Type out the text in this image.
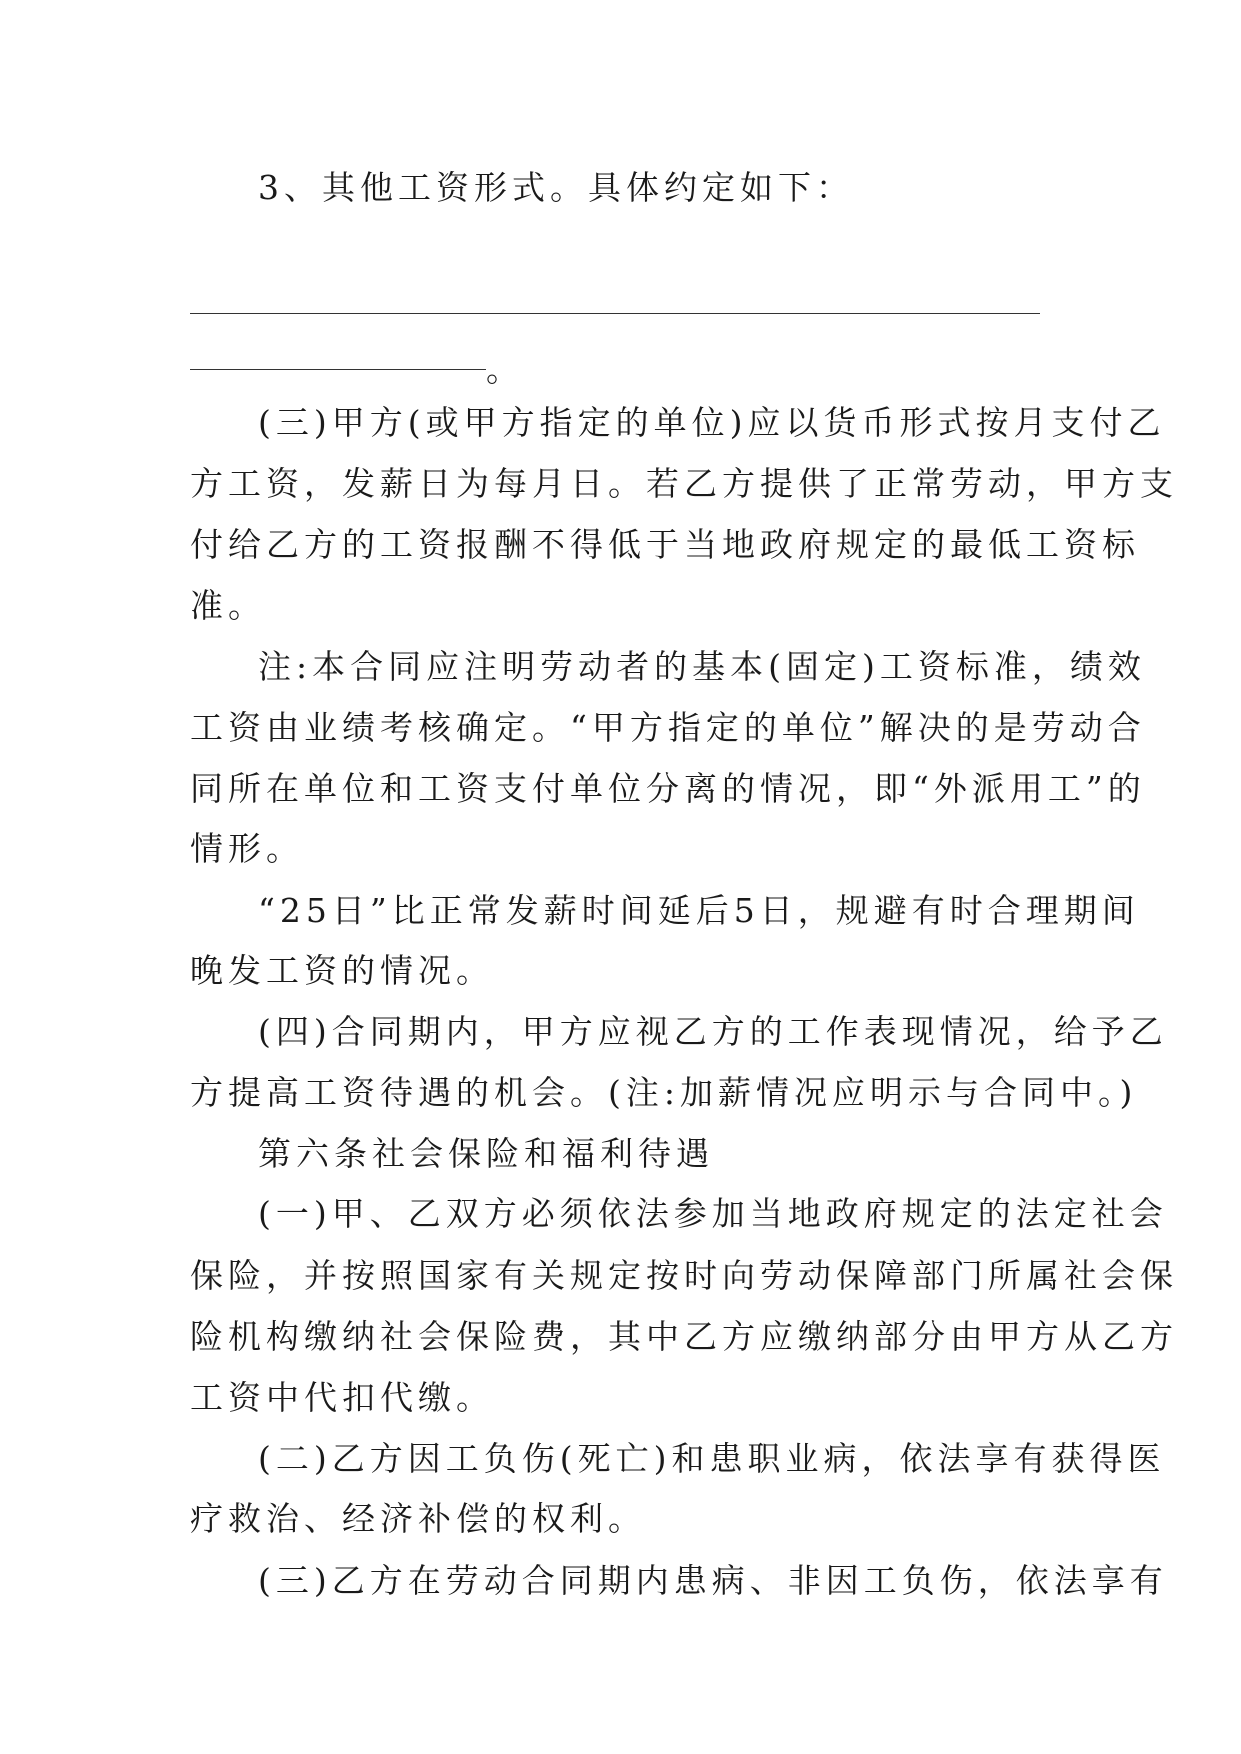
3、其他工资形式。具体约定如下：
。
(三)甲方(或甲方指定的单位)应以货币形式按月支付乙
方工资，发薪日为每月日。若乙方提供了正常劳动，甲方支
付给乙方的工资报酬不得低于当地政府规定的最低工资标
准。
注:本合同应注明劳动者的基本(固定)工资标准，绩效
工资由业绩考核确定。“甲方指定的单位”解决的是劳动合
同所在单位和工资支付单位分离的情况，即“外派用工”的
情形。
“25日”比正常发薪时间延后5日，规避有时合理期间
晚发工资的情况。
(四)合同期内，甲方应视乙方的工作表现情况，给予乙
方提高工资待遇的机会。(注:加薪情况应明示与合同中。)
第六条社会保险和福利待遇
(一)甲、乙双方必须依法参加当地政府规定的法定社会
保险，并按照国家有关规定按时向劳动保障部门所属社会保
险机构缴纳社会保险费，其中乙方应缴纳部分由甲方从乙方
工资中代扣代缴。
(二)乙方因工负伤(死亡)和患职业病，依法享有获得医
疗救治、经济补偿的权利。
(三)乙方在劳动合同期内患病、非因工负伤，依法享有
